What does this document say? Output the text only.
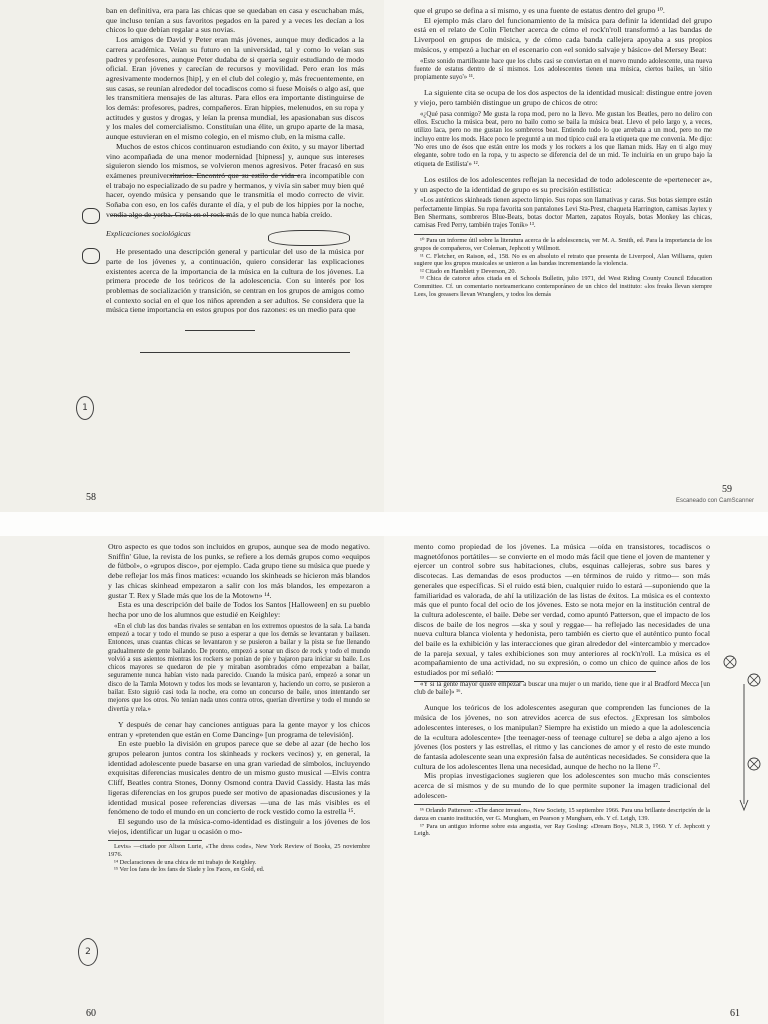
ban en definitiva, era para las chicas que se quedaban en casa y escuchaban más, que incluso tenían a sus favoritos pegados en la pared y a veces les decían a los chicos lo que debían regalar a sus novias.

Los amigos de David y Peter eran más jóvenes, aunque muy dedicados a la carrera académica. Veían su futuro en la universidad, tal y como lo veían sus padres y profesores, aunque Peter dudaba de si quería seguir estudiando de modo oficial. Eran jóvenes y carecían de recursos y movilidad. Pero eran los más agresivamente modernos [hip], y en el club del colegio y, más frecuentemente, en sus casas, se reunían alrededor del tocadiscos como si fuese Moisés o algo así, que les transmitiera mensajes de las alturas. Para ellos era importante distinguirse de los demás: profesores, padres, compañeros. Eran hippies, melenudos, en su ropa y actitudes y gustos y drogas, y leían la prensa mundial, les apasionaban sus discos y los males del comercialismo. Constituían una élite, un grupo aparte de la masa, aunque estuvieran en el mismo colegio, en el mismo club, en la misma calle.

Muchos de estos chicos continuaron estudiando con éxito, y su mayor libertad vino acompañada de una menor modernidad [hipness] y, aunque sus intereses siguieron siendo los mismos, se volvieron menos agresivos. Peter fracasó en sus exámenes preuniversitarios. Encontró que su estilo de vida era incompatible con el trabajo no especializado de su padre y hermanos, y vivía sin saber muy bien qué hacer, oyendo música y pensando que le transmitía el modo correcto de vivir. Soñaba con eso, en los cafés durante el día, y el pub de los hippies por la noche, vendía algo de yerba. Creía en el rock más de lo que nunca había creído.

Explicaciones sociológicas

He presentado una descripción general y particular del uso de la música por parte de los jóvenes y, a continuación, quiero considerar las explicaciones existentes acerca de la importancia de la música en la cultura de los jóvenes. La primera procede de los teóricos de la adolescencia. Con su interés por los problemas de socialización y transición, se centran en los grupos de amigos como el contexto social en el que los niños aprenden a ser adultos. Se considera que la música tiene importancia en estos grupos por dos razones: es un medio para que

1
58

que el grupo se defina a sí mismo, y es una fuente de estatus dentro del grupo ¹⁰.

El ejemplo más claro del funcionamiento de la música para definir la identidad del grupo está en el relato de Colin Fletcher acerca de cómo el rock'n'roll transformó a las bandas de Liverpool en grupos de música, y de cómo cada banda callejera apoyaba a sus propios músicos, y empezó a luchar en el escenario con «el sonido salvaje y básico» del Mersey Beat:

«Este sonido martilleante hace que los clubs casi se conviertan en el nuevo mundo adolescente, una nueva fuente de estatus dentro de sí mismos. Los adolescentes tienen una música, ciertos bailes, un 'sitio propiamente suyo'» ¹¹.

La siguiente cita se ocupa de los dos aspectos de la identidad musical: distingue entre joven y viejo, pero también distingue un grupo de chicos de otro:

«¿Qué pasa conmigo? Me gusta la ropa mod, pero no la llevo. Me gustan los Beatles, pero no deliro con ellos. Escucho la música beat, pero no bailo como se baila la música beat. Llevo el pelo largo y, a veces, utilizo laca, pero no me gustan los sombreros beat. Entiendo todo lo que arrebata a un mod, pero no me incluyo entre los mods. Hace poco le pregunté a un mod típico cuál era la etiqueta que me convenía. Me dijo: 'No eres uno de ésos que están entre los mods y los rockers a los que llaman mids. Hay en ti algo muy elegante, sobre todo en la ropa, y tu aspecto se diferencia del de un mid. Te incluiría en un grupo bajo la etiqueta de Estilista'» ¹².

Los estilos de los adolescentes reflejan la necesidad de todo adolescente de «pertenecer a», y un aspecto de la identidad de grupo es su precisión estilística:

«Los auténticos skinheads tienen aspecto limpio. Sus ropas son llamativas y caras. Sus botas siempre están perfectamente limpias. Su ropa favorita son pantalones Levi Sta-Prest, chaqueta Harrington, camisas Jaytex y Ben Shermans, sombreros Blue-Beats, botas doctor Marten, zapatos Royals, botas Monkey las chicas, camisas Fred Perry, también trajes Tonik» ¹³.

¹⁰ Para un informe útil sobre la literatura acerca de la adolescencia, ver M. A. Smith, ed. Para la importancia de los grupos de compañeros, ver Coleman, Jephcott y Willmott.

¹¹ C. Fletcher, en Raison, ed., 158. No es en absoluto el retrato que presenta de Liverpool, Alan Williams, quien sugiere que los grupos musicales se unieron a las bandas incrementando la violencia.

¹² Citado en Hamblett y Deverson, 20.

¹³ Chica de catorce años citada en el Schools Bulletin, julio 1971, del West Riding County Council Education Committee. Cf. un comentario norteamericano contemporáneo de un chico del instituto: «los freaks llevan siempre Lees, los greasers llevan Wranglers, y todos los demás

59
Escaneado con CamScanner

Otro aspecto es que todos son incluidos en grupos, aunque sea de modo negativo. Sniffin' Glue, la revista de los punks, se refiere a los demás grupos como «equipos de fútbol», o «grupos disco», por ejemplo. Cada grupo tiene su música que puede y debe reflejar los más finos matices: «cuando los skinheads se hicieron más blandos y las chicas skinhead empezaron a salir con los más blandos, les empezaron a gustar T. Rex y Slade más que los de la Motown» ¹⁴.

Esta es una descripción del baile de Todos los Santos [Halloween] en su pueblo hecha por uno de los alumnos que estudié en Keighley:

«En el club las dos bandas rivales se sentaban en los extremos opuestos de la sala. La banda empezó a tocar y todo el mundo se puso a esperar a que los demás se levantaran y bailasen. Entonces, unas cuantas chicas se levantaron y se pusieron a bailar y la pista se fue llenando gradualmente de gente bailando. De pronto, empezó a sonar un disco de rock y todo el mundo volvió a sus asientos mientras los rockers se ponían de pie y bajaron para iniciar su baile. Los chicos mayores se quedaron de pie y miraban asombrados cómo empezaban a bailar, seguramente nunca habían visto nada parecido. Cuando la música paró, empezó a sonar un disco de la Tamla Motown y todos los mods se levantaron y, haciendo un corro, se pusieron a bailar. Esto siguió casi toda la noche, era como un concurso de baile, unos intentando ser mejores que los otros. No tenían nada unos contra otros, querían divertirse y todo el mundo se divertía y rela.»

Y después de cenar hay canciones antiguas para la gente mayor y los chicos entran y «pretenden que están en Come Dancing» [un programa de televisión].

En este pueblo la división en grupos parece que se debe al azar (de hecho los grupos pelearon juntos contra los skinheads y rockers vecinos) y, en general, la identidad adolescente puede basarse en una gran variedad de símbolos, incluyendo exquisitas diferencias musicales dentro de un mismo gusto musical —Elvis contra Cliff, Beatles contra Stones, Donny Osmond contra David Cassidy. Hasta las más ligeras diferencias en los grupos puede ser motivo de apasionadas discusiones y la identidad musical posee referencias diversas —una de las más visibles es el fenómeno de todo el mundo en un concierto de rock vestido como la estrella ¹⁵.

El segundo uso de la música-como-identidad es distinguir a los jóvenes de los viejos, identificar un lugar u ocasión o mo-

Levis» —citado por Alison Lurie, «The dress code», New York Review of Books, 25 noviembre 1976.

¹⁴ Declaraciones de una chica de mi trabajo de Keighley.

¹⁵ Ver los fans de los fans de Slade y los Faces, en Gold, ed.

2
60

mento como propiedad de los jóvenes. La música —oída en transistores, tocadiscos o magnetófonos portátiles— se convierte en el modo más fácil que tiene el joven de mantener y ejercer un control sobre sus habitaciones, clubs, esquinas callejeras, sobre sus bares y discotecas. Las demandas de esos productos —en términos de ruido y ritmo— son más generales que específicas. Si el ruido está bien, cualquier ruido lo estará —suponiendo que la familiaridad es valorada, de ahí la utilización de las listas de éxitos. La música es el contexto más que el punto focal del ocio de los jóvenes. Esto se nota mejor en la institución central de la cultura adolescente, el baile. Debe ser verdad, como apuntó Patterson, que el impacto de los discos de baile de los negros —ska y soul y reggae— ha reflejado las necesidades de una nueva cultura blanca violenta y hedonista, pero también es cierto que el auténtico punto focal del baile es la exhibición y las interacciones que giran alrededor del «intercambio y mercado» de la pareja sexual, y tales exhibiciones son muy anteriores al rock'n'roll. La música es el acompañamiento de una actividad, no su expresión, o como un chico de quince años de los estudiados por mí señaló:

«Y si la gente mayor quiere empezar a buscar una mujer o un marido, tiene que ir al Bradford Mecca [un club de baile]» ¹⁶.

Aunque los teóricos de los adolescentes aseguran que comprenden las funciones de la música de los jóvenes, no son atrevidos acerca de sus efectos. ¿Expresan los símbolos adolescentes intereses, o los manipulan? Siempre ha existido un miedo a que la adolescencia de la «cultura adolescente» [the teenager-ness of teenage culture] se deba a algo ajeno a los jóvenes (los posters y las estrellas, el ritmo y las canciones de amor y el resto de este mundo de fantasía adolescente sean una expresión falsa de auténticas necesidades. Se considera que la cultura de los adolescentes llena una necesidad, aunque de hecho no la llene ¹⁷.

Mis propias investigaciones sugieren que los adolescentes son mucho más conscientes acerca de sí mismos y de su mundo de lo que permite suponer la imagen tradicional del adolescen-

¹⁶ Orlando Patterson: «The dance invasion», New Society, 15 septiembre 1966. Para una brillante descripción de la danza en cuanto institución, ver G. Mungham, en Pearson y Mungham, eds. Y cf. Leigh, 139.

¹⁷ Para un antiguo informe sobre esta angustia, ver Ray Gosling: «Dream Boy», NLR 3, 1960. Y cf. Jephcott y Leigh.

61
